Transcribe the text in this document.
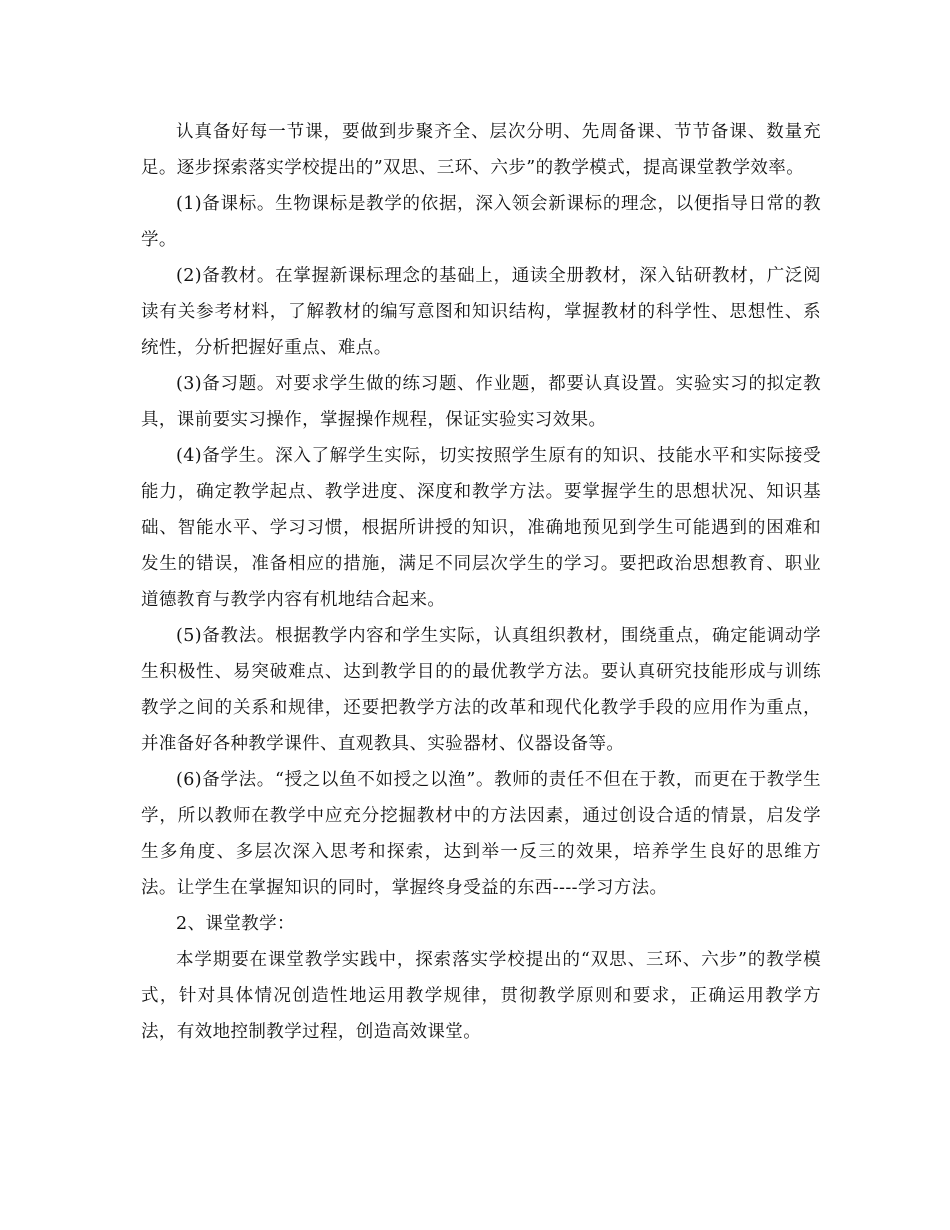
认真备好每一节课，要做到步聚齐全、层次分明、先周备课、节节备课、数量充足。逐步探索落实学校提出的”双思、三环、六步”的教学模式，提高课堂教学效率。

(1)备课标。生物课标是教学的依据，深入领会新课标的理念，以便指导日常的教学。

(2)备教材。在掌握新课标理念的基础上，通读全册教材，深入钻研教材，广泛阅读有关参考材料，了解教材的编写意图和知识结构，掌握教材的科学性、思想性、系统性，分析把握好重点、难点。

(3)备习题。对要求学生做的练习题、作业题，都要认真设置。实验实习的拟定教具，课前要实习操作，掌握操作规程，保证实验实习效果。

(4)备学生。深入了解学生实际，切实按照学生原有的知识、技能水平和实际接受能力，确定教学起点、教学进度、深度和教学方法。要掌握学生的思想状况、知识基础、智能水平、学习习惯，根据所讲授的知识，准确地预见到学生可能遇到的困难和发生的错误，准备相应的措施，满足不同层次学生的学习。要把政治思想教育、职业道德教育与教学内容有机地结合起来。

(5)备教法。根据教学内容和学生实际，认真组织教材，围绕重点，确定能调动学生积极性、易突破难点、达到教学目的的最优教学方法。要认真研究技能形成与训练教学之间的关系和规律，还要把教学方法的改革和现代化教学手段的应用作为重点，并准备好各种教学课件、直观教具、实验器材、仪器设备等。

(6)备学法。“授之以鱼不如授之以渔”。教师的责任不但在于教，而更在于教学生学，所以教师在教学中应充分挖掘教材中的方法因素，通过创设合适的情景，启发学生多角度、多层次深入思考和探索，达到举一反三的效果，培养学生良好的思维方法。让学生在掌握知识的同时，掌握终身受益的东西----学习方法。

2、课堂教学：

本学期要在课堂教学实践中，探索落实学校提出的“双思、三环、六步”的教学模式，针对具体情况创造性地运用教学规律，贯彻教学原则和要求，正确运用教学方法，有效地控制教学过程，创造高效课堂。
